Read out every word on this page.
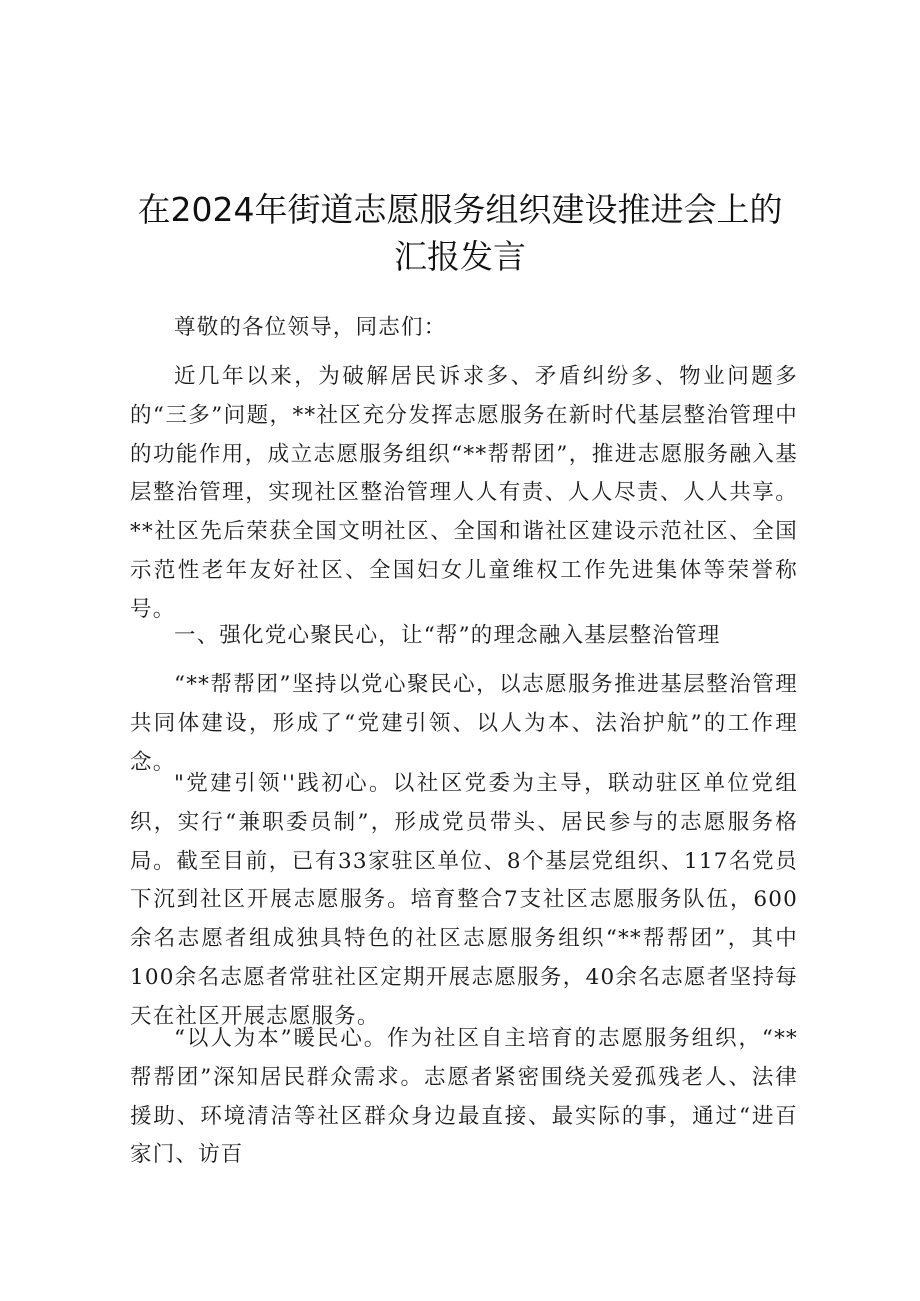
在2024年街道志愿服务组织建设推进会上的汇报发言

尊敬的各位领导，同志们：

近几年以来，为破解居民诉求多、矛盾纠纷多、物业问题多的“三多”问题，**社区充分发挥志愿服务在新时代基层整治管理中的功能作用，成立志愿服务组织“**帮帮团”，推进志愿服务融入基层整治管理，实现社区整治管理人人有责、人人尽责、人人共享。**社区先后荣获全国文明社区、全国和谐社区建设示范社区、全国示范性老年友好社区、全国妇女儿童维权工作先进集体等荣誉称号。

一、强化党心聚民心，让“帮”的理念融入基层整治管理

“**帮帮团”坚持以党心聚民心，以志愿服务推进基层整治管理共同体建设，形成了“党建引领、以人为本、法治护航”的工作理念。

"党建引领''践初心。以社区党委为主导，联动驻区单位党组织，实行“兼职委员制”，形成党员带头、居民参与的志愿服务格局。截至目前，已有33家驻区单位、8个基层党组织、117名党员下沉到社区开展志愿服务。培育整合7支社区志愿服务队伍，600余名志愿者组成独具特色的社区志愿服务组织“**帮帮团”，其中100余名志愿者常驻社区定期开展志愿服务，40余名志愿者坚持每天在社区开展志愿服务。

“以人为本”暖民心。作为社区自主培育的志愿服务组织，“**帮帮团”深知居民群众需求。志愿者紧密围绕关爱孤残老人、法律援助、环境清洁等社区群众身边最直接、最实际的事，通过“进百家门、访百
